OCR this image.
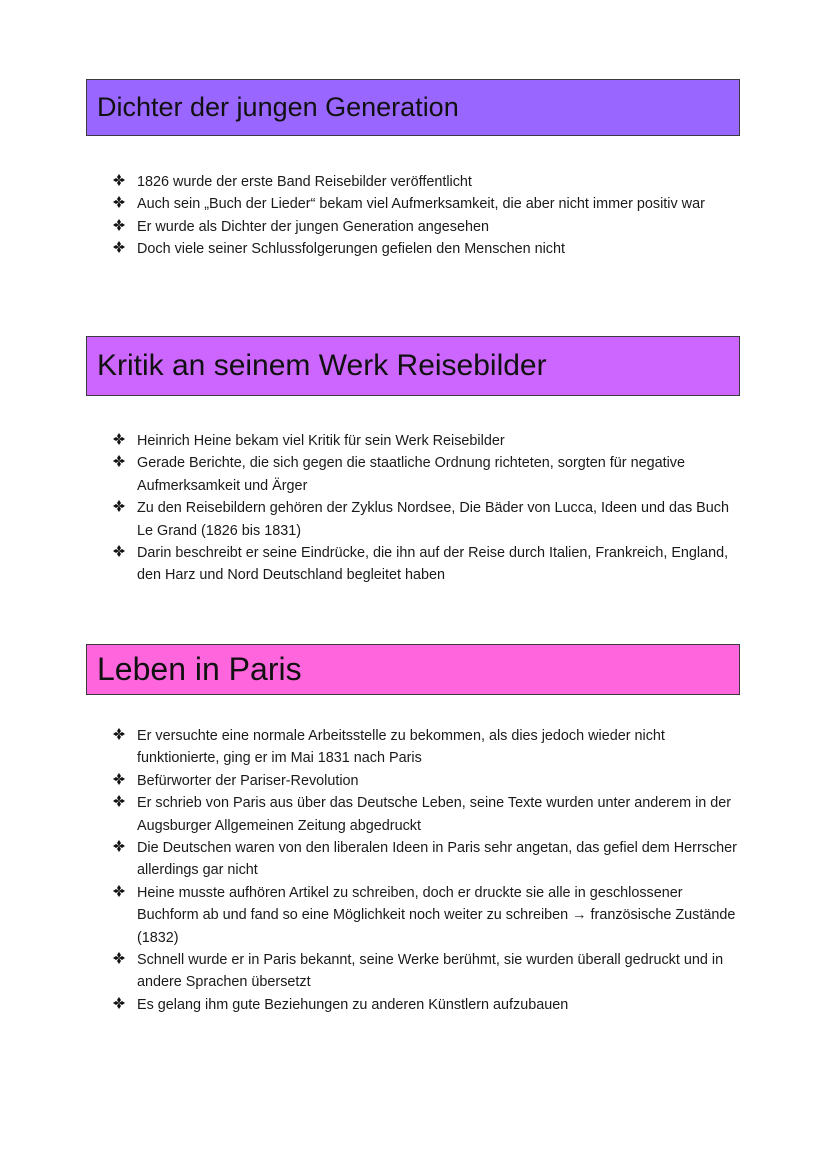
Dichter der jungen Generation
1826 wurde der erste Band Reisebilder veröffentlicht
Auch sein „Buch der Lieder“ bekam viel Aufmerksamkeit, die aber nicht immer positiv war
Er wurde als Dichter der jungen Generation angesehen
Doch viele seiner Schlussfolgerungen gefielen den Menschen nicht
Kritik an seinem Werk Reisebilder
Heinrich Heine bekam viel Kritik für sein Werk Reisebilder
Gerade Berichte, die sich gegen die staatliche Ordnung richteten, sorgten für negative Aufmerksamkeit und Ärger
Zu den Reisebildern gehören der Zyklus Nordsee, Die Bäder von Lucca, Ideen und das Buch Le Grand (1826 bis 1831)
Darin beschreibt er seine Eindrücke, die ihn auf der Reise durch Italien, Frankreich, England, den Harz und Nord Deutschland begleitet haben
Leben in Paris
Er versuchte eine normale Arbeitsstelle zu bekommen, als dies jedoch wieder nicht funktionierte, ging er im Mai 1831 nach Paris
Befürworter der Pariser-Revolution
Er schrieb von Paris aus über das Deutsche Leben, seine Texte wurden unter anderem in der Augsburger Allgemeinen Zeitung abgedruckt
Die Deutschen waren von den liberalen Ideen in Paris sehr angetan, das gefiel dem Herrscher allerdings gar nicht
Heine musste aufhören Artikel zu schreiben, doch er druckte sie alle in geschlossener Buchform ab und fand so eine Möglichkeit noch weiter zu schreiben → französische Zustände (1832)
Schnell wurde er in Paris bekannt, seine Werke berühmt, sie wurden überall gedruckt und in andere Sprachen übersetzt
Es gelang ihm gute Beziehungen zu anderen Künstlern aufzubauen
